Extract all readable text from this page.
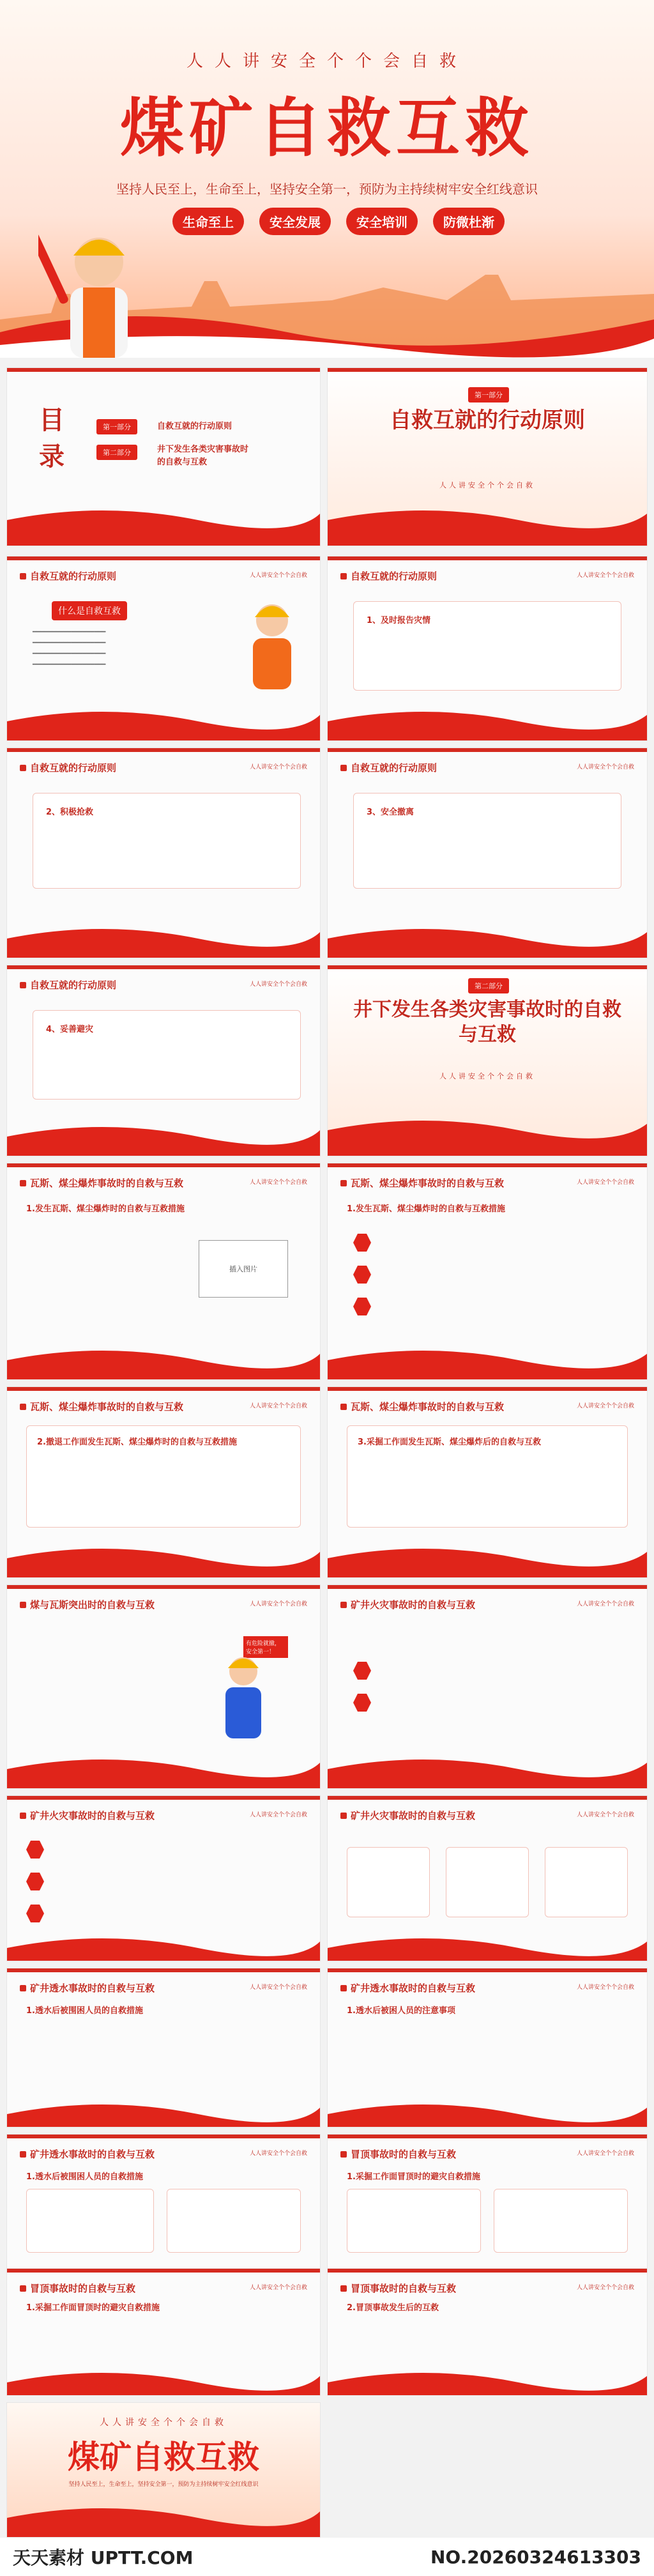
人人讲安全个个会自救
煤矿自救互救
坚持人民至上，生命至上，坚持安全第一，预防为主持续树牢安全红线意识
生命至上	安全发展	安全培训	防微杜渐
目录
第一部分	自救互就的行动原则
第二部分	井下发生各类灾害事故时的自救与互救
第一部分
自救互就的行动原则
人人讲安全个个会自救
自救互就的行动原则	人人讲安全个个会自救
什么是自救互救
━━━━━━━━━━━━━━━━━━━
━━━━━━━━━━━━━━━━━━━
━━━━━━━━━━━━━━━━━━━
━━━━━━━━━━━━━━━━━━━
自救互就的行动原则	人人讲安全个个会自救
1、及时报告灾情
自救互就的行动原则	人人讲安全个个会自救
2、积极抢救
自救互就的行动原则	人人讲安全个个会自救
3、安全撤离
自救互就的行动原则	人人讲安全个个会自救
4、妥善避灾
第二部分
井下发生各类灾害事故时的自救与互救
人人讲安全个个会自救
瓦斯、煤尘爆炸事故时的自救与互救	人人讲安全个个会自救
1.发生瓦斯、煤尘爆炸时的自救与互救措施
插入图片
瓦斯、煤尘爆炸事故时的自救与互救	人人讲安全个个会自救
1.发生瓦斯、煤尘爆炸时的自救与互救措施
瓦斯、煤尘爆炸事故时的自救与互救	人人讲安全个个会自救
2.撤退工作面发生瓦斯、煤尘爆炸时的自救与互救措施
瓦斯、煤尘爆炸事故时的自救与互救	人人讲安全个个会自救
3.采掘工作面发生瓦斯、煤尘爆炸后的自救与互救
煤与瓦斯突出时的自救与互救	人人讲安全个个会自救
有危险就撤，安全第一！
矿井火灾事故时的自救与互救	人人讲安全个个会自救
矿井火灾事故时的自救与互救	人人讲安全个个会自救	矿井火灾事故时的自救与互救	人人讲安全个个会自救
矿井透水事故时的自救与互救	人人讲安全个个会自救
1.透水后被围困人员的自救措施
矿井透水事故时的自救与互救	人人讲安全个个会自救
1.透水后被困人员的注意事项
矿井透水事故时的自救与互救	人人讲安全个个会自救
1.透水后被围困人员的自救措施
冒顶事故时的自救与互救	人人讲安全个个会自救
1.采掘工作面冒顶时的避灾自救措施
冒顶事故时的自救与互救	人人讲安全个个会自救
1.采掘工作面冒顶时的避灾自救措施
冒顶事故时的自救与互救	人人讲安全个个会自救
2.冒顶事故发生后的互救
人人讲安全个个会自救
煤矿自救互救
坚持人民至上，生命至上，坚持安全第一，预防为主持续树牢安全红线意识
天天素材 UPTT.COM	NO.20260324613303
